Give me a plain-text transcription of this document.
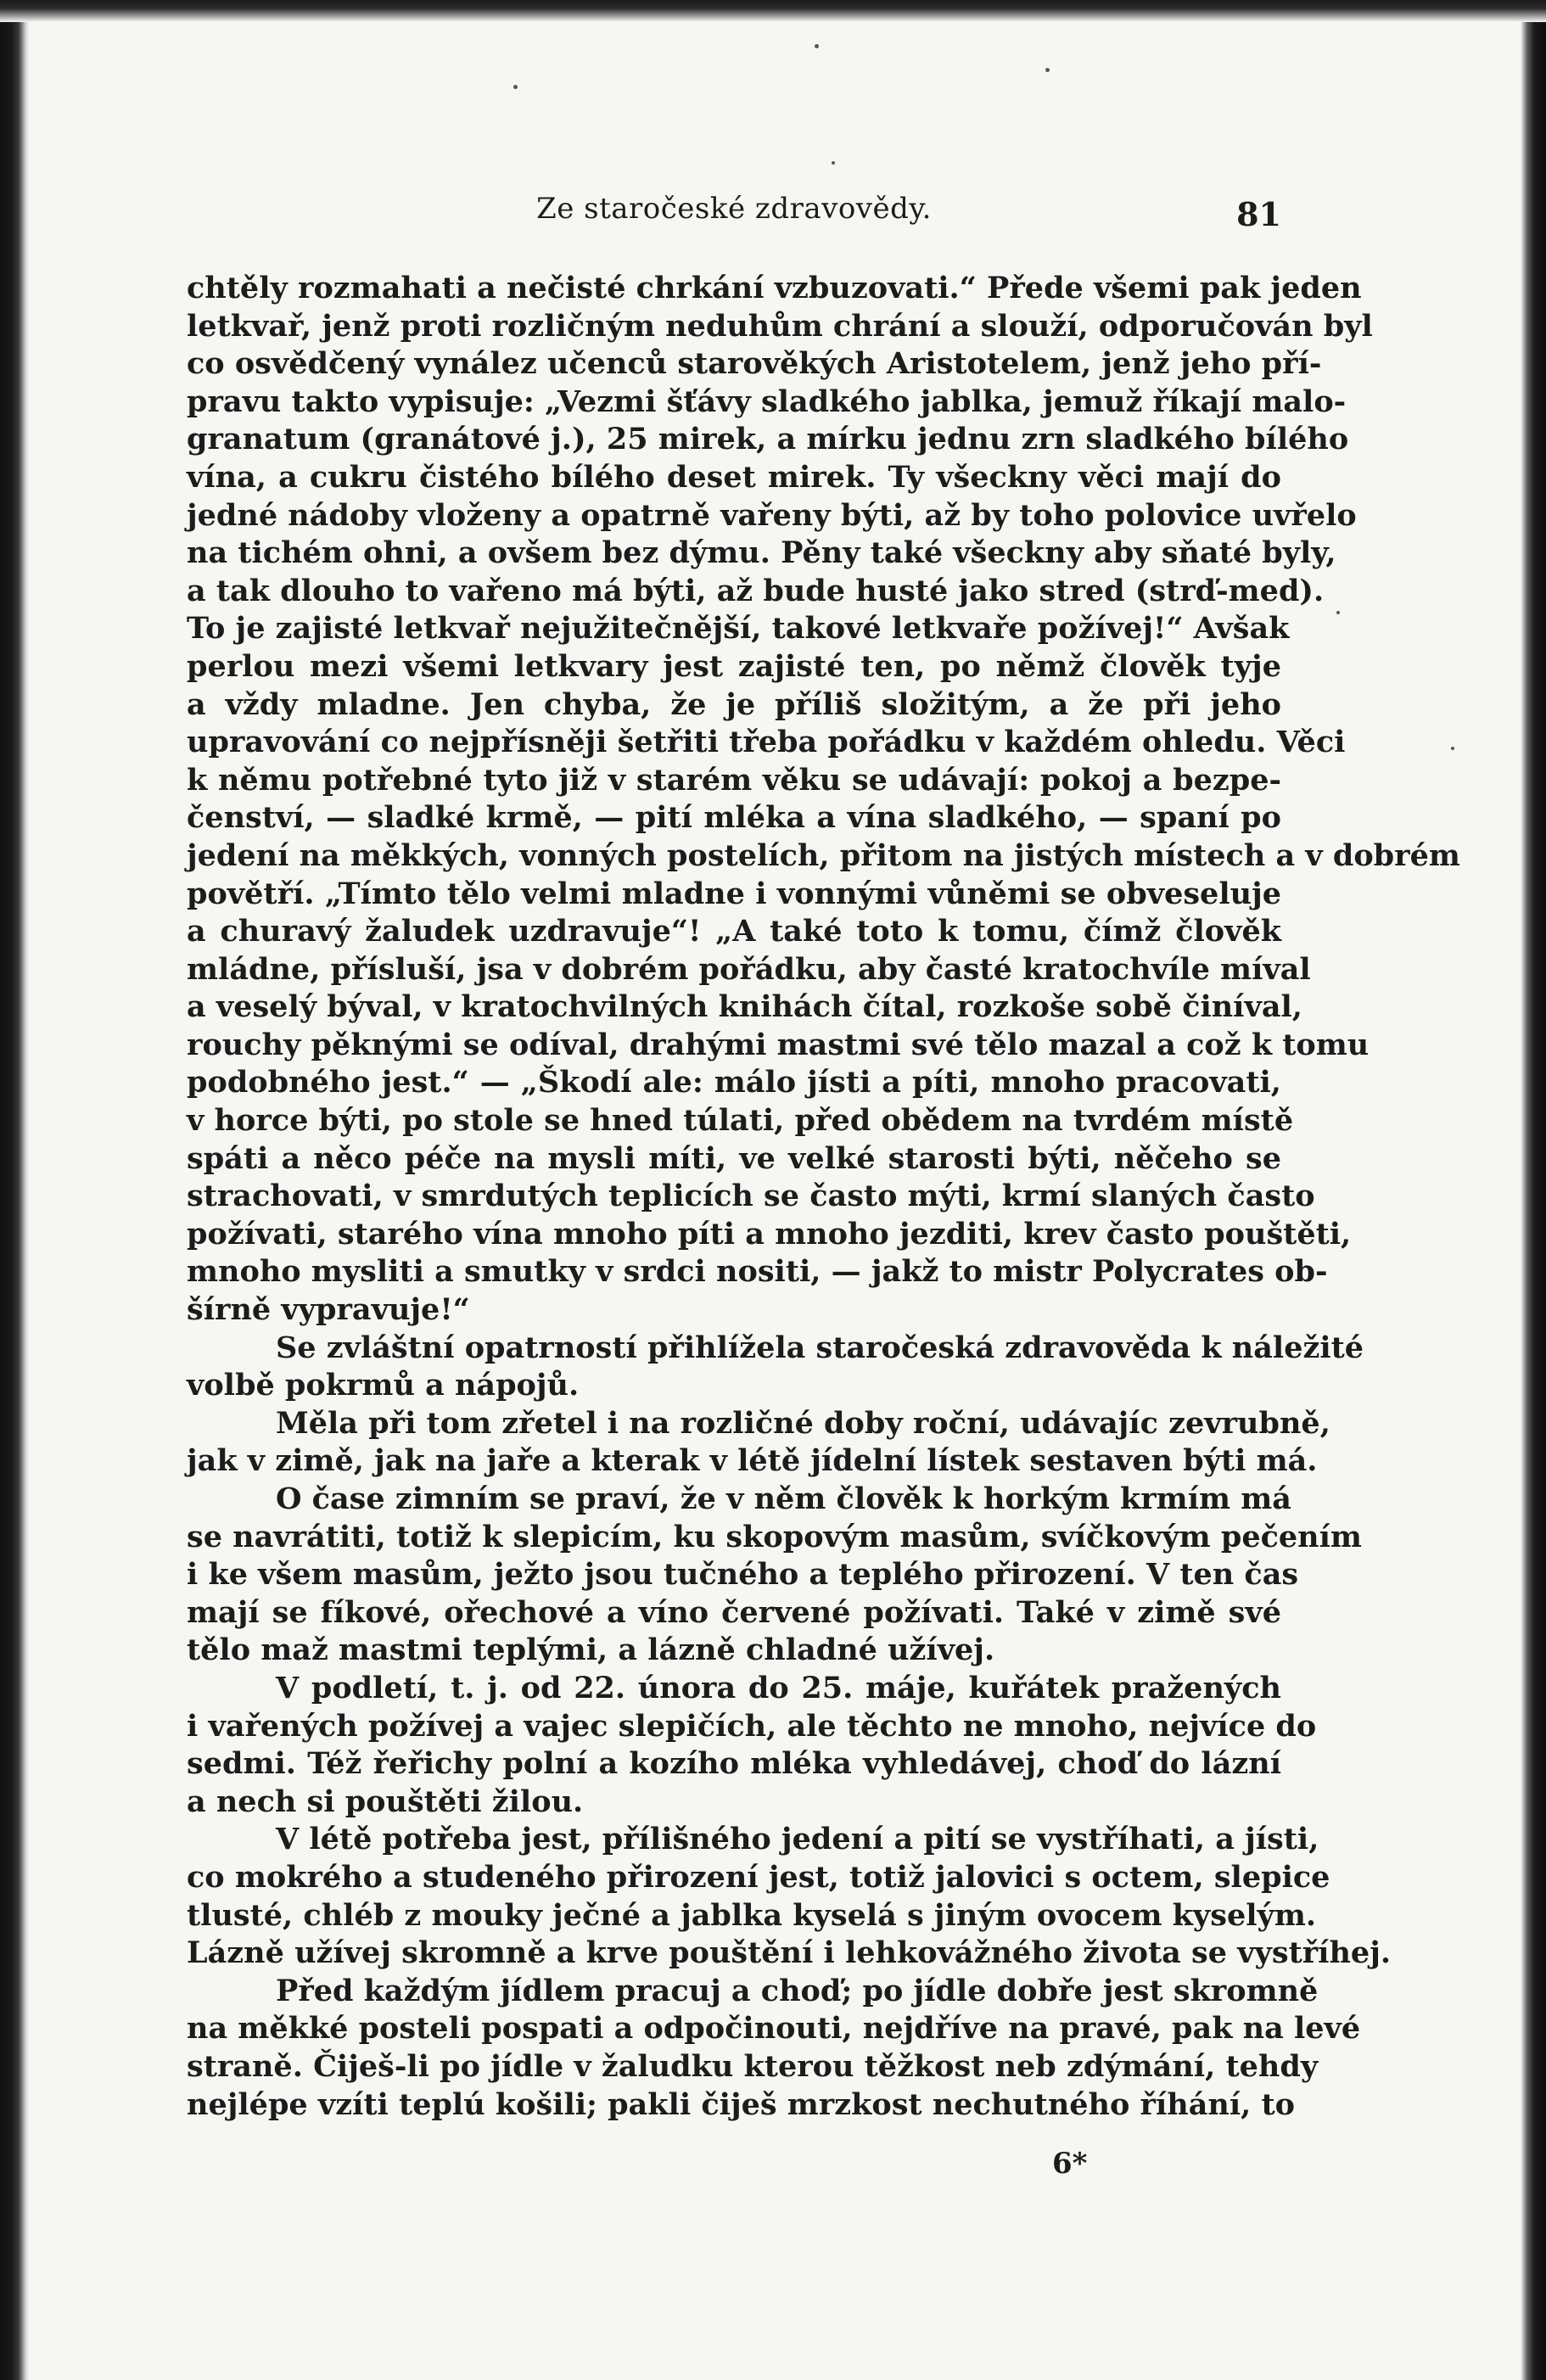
Ze staročeské zdravovědy.	81
chtěly rozmahati a nečisté chrkání vzbuzovati.“ Přede všemi pak jeden
letkvař, jenž proti rozličným neduhům chrání a slouží, odporučován byl
co osvědčený vynález učenců starověkých Aristotelem, jenž jeho pří-
pravu takto vypisuje: „Vezmi šťávy sladkého jablka, jemuž říkají malo-
granatum (granátové j.), 25 mirek, a mírku jednu zrn sladkého bílého
vína, a cukru čistého bílého deset mirek. Ty všeckny věci mají do
jedné nádoby vloženy a opatrně vařeny býti, až by toho polovice uvřelo
na tichém ohni, a ovšem bez dýmu. Pěny také všeckny aby sňaté byly,
a tak dlouho to vařeno má býti, až bude husté jako stred (strď-med).
To je zajisté letkvař nejužitečnější, takové letkvaře požívej!“ Avšak
perlou mezi všemi letkvary jest zajisté ten, po němž člověk tyje
a vždy mladne. Jen chyba, že je příliš složitým, a že při jeho
upravování co nejpřísněji šetřiti třeba pořádku v každém ohledu. Věci
k němu potřebné tyto již v starém věku se udávají: pokoj a bezpe-
čenství, — sladké krmě, — pití mléka a vína sladkého, — spaní po
jedení na měkkých, vonných postelích, přitom na jistých místech a v dobrém
povětří. „Tímto tělo velmi mladne i vonnými vůněmi se obveseluje
a churavý žaludek uzdravuje“! „A také toto k tomu, čímž člověk
mládne, přísluší, jsa v dobrém pořádku, aby časté kratochvíle míval
a veselý býval, v kratochvilných knihách čítal, rozkoše sobě činíval,
rouchy pěknými se odíval, drahými mastmi své tělo mazal a což k tomu
podobného jest.“ — „Škodí ale: málo jísti a píti, mnoho pracovati,
v horce býti, po stole se hned túlati, před obědem na tvrdém místě
spáti a něco péče na mysli míti, ve velké starosti býti, něčeho se
strachovati, v smrdutých teplicích se často mýti, krmí slaných často
požívati, starého vína mnoho píti a mnoho jezditi, krev často pouštěti,
mnoho mysliti a smutky v srdci nositi, — jakž to mistr Polycrates ob-
šírně vypravuje!“
Se zvláštní opatrností přihlížela staročeská zdravověda k náležité
volbě pokrmů a nápojů.
Měla při tom zřetel i na rozličné doby roční, udávajíc zevrubně,
jak v zimě, jak na jaře a kterak v létě jídelní lístek sestaven býti má.
O čase zimním se praví, že v něm člověk k horkým krmím má
se navrátiti, totiž k slepicím, ku skopovým masům, svíčkovým pečením
i ke všem masům, ježto jsou tučného a teplého přirození. V ten čas
mají se fíkové, ořechové a víno červené požívati. Také v zimě své
tělo maž mastmi teplými, a lázně chladné užívej.
V podletí, t. j. od 22. února do 25. máje, kuřátek pražených
i vařených požívej a vajec slepičích, ale těchto ne mnoho, nejvíce do
sedmi. Též řeřichy polní a kozího mléka vyhledávej, choď do lázní
a nech si pouštěti žilou.
V létě potřeba jest, přílišného jedení a pití se vystříhati, a jísti,
co mokrého a studeného přirození jest, totiž jalovici s octem, slepice
tlusté, chléb z mouky ječné a jablka kyselá s jiným ovocem kyselým.
Lázně užívej skromně a krve pouštění i lehkovážného života se vystříhej.
Před každým jídlem pracuj a choď; po jídle dobře jest skromně
na měkké posteli pospati a odpočinouti, nejdříve na pravé, pak na levé
straně. Čiješ-li po jídle v žaludku kterou těžkost neb zdýmání, tehdy
nejlépe vzíti teplú košili; pakli čiješ mrzkost nechutného říhání, to
6*
